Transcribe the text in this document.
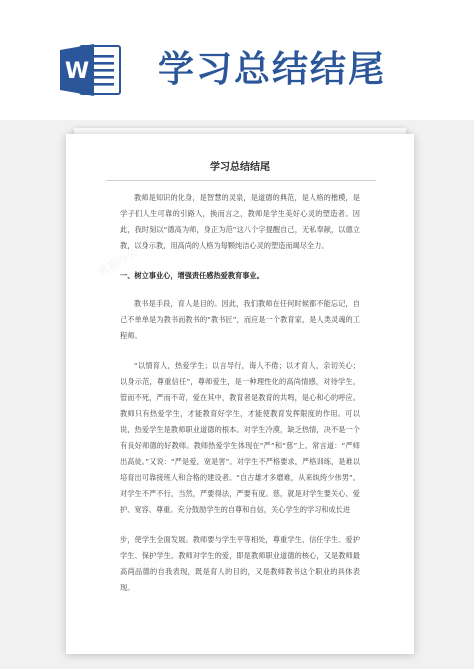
W 学习总结结尾
熊猫办公
熊猫办公
熊猫办公
学习总结结尾

教师是知识的化身，是智慧的灵泉，是道德的典范，是人格的楷模，是学子们人生可靠的引路人，换而言之，教师是学生美好心灵的塑造者。因此，我时刻以“德高为师，身正为范”这八个字提醒自己，无私奉献，以德立教，以身示教，用高尚的人格为每颗纯洁心灵的塑造而竭尽全力。

一、树立事业心，增强责任感热爱教育事业。

教书是手段，育人是目的。因此，我们教师在任何时候都不能忘记，自己不单单是为教书而教书的“教书匠”，而应是一个教育家，是人类灵魂的工程师。

“以情育人，热爱学生；以言导行，诲人不倦；以才育人，亲切关心；以身示范，尊重信任”，尊师爱生，是一种理性化的高尚情感，对待学生，管而不死，严而不苛，爱在其中，教育者是教育的共鸣，是心和心的呼应。教师只有热爱学生，才能教育好学生，才能使教育发挥限度的作用。可以说，热爱学生是教师职业道德的根本。对学生冷漠，缺乏热情，决不是一个有良好师德的好教师。教师热爱学生体现在“严”和“慈”上。常言道：“严师出高徒。”又说：“严是爱，宽是害”。对学生不严格要求，严格训练，是难以培育出可靠接班人和合格的建设者。“自古雄才多磨难，从来纨绔少伟男”。对学生不严不行，当然，严要得法，严要有度。慈，就是对学生要关心、爱护、宽容、尊重。充分鼓励学生的自尊和自信，关心学生的学习和成长进

步，使学生全面发展。教师要与学生平等相处，尊重学生、信任学生、爱护学生、保护学生。教师对学生的爱，即是教师职业道德的核心，又是教师最高尚品德的自我表现，既是育人的目的，又是教师教书这个职业的具体表现。
